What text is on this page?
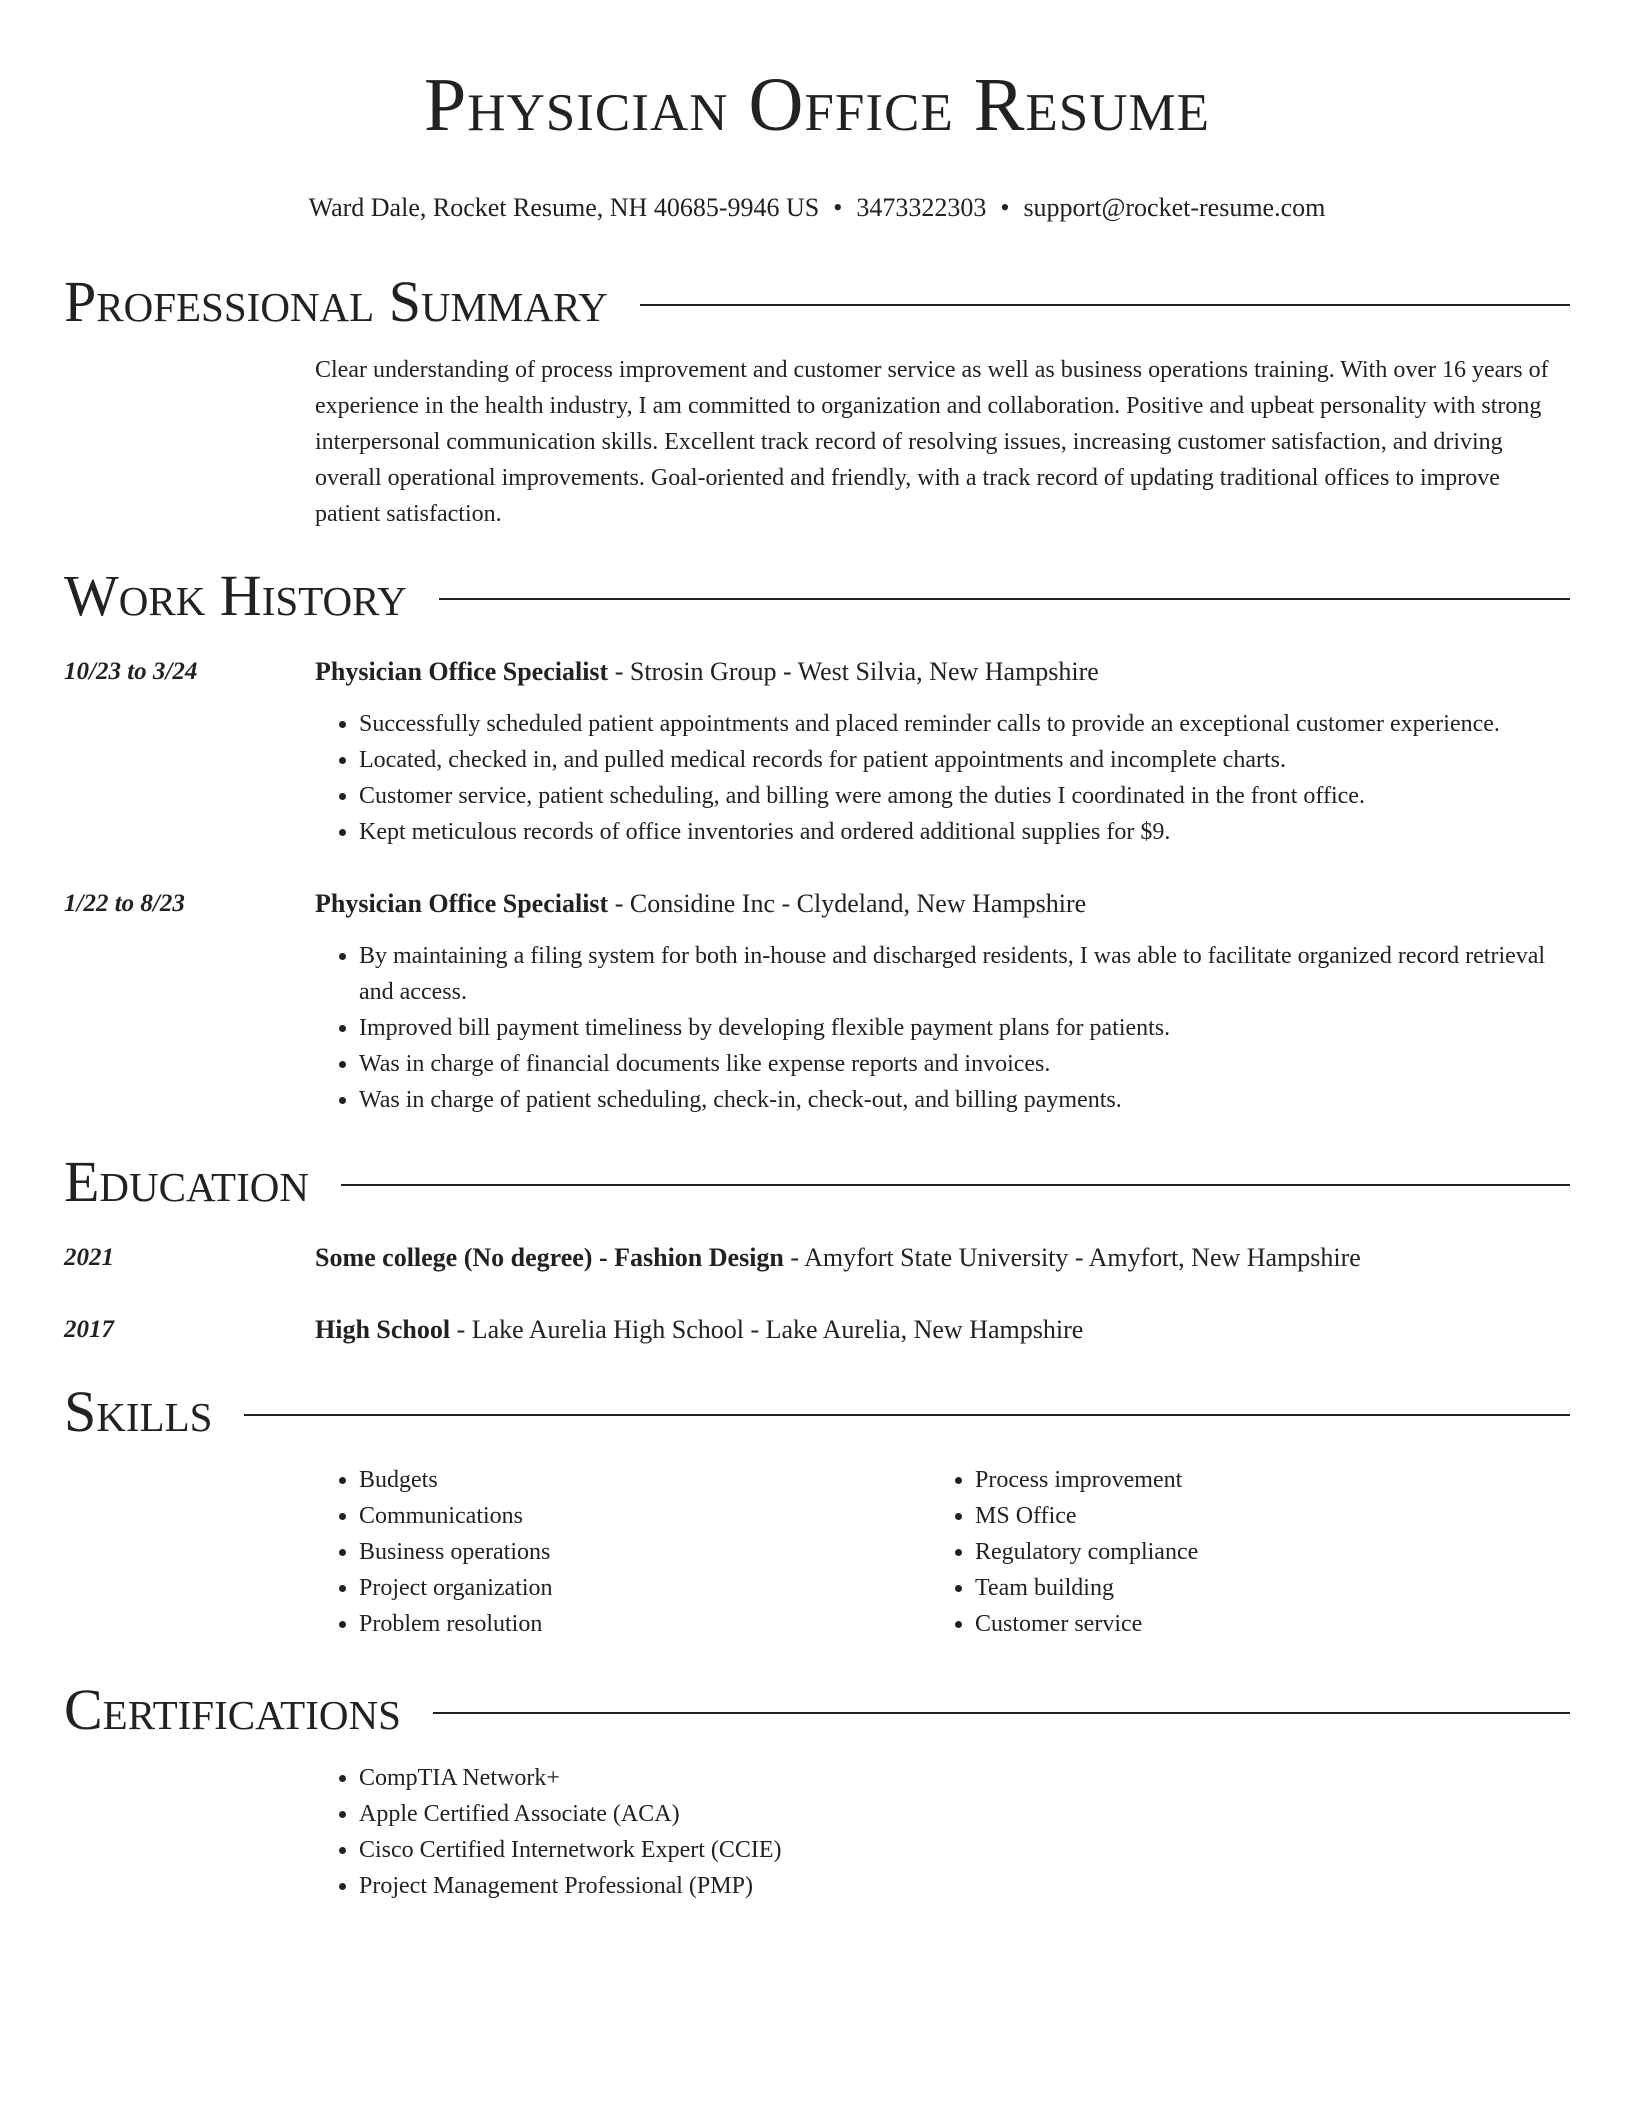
Physician Office Resume
Ward Dale, Rocket Resume, NH 40685-9946 US • 3473322303 • support@rocket-resume.com
Professional Summary
Clear understanding of process improvement and customer service as well as business operations training. With over 16 years of experience in the health industry, I am committed to organization and collaboration. Positive and upbeat personality with strong interpersonal communication skills. Excellent track record of resolving issues, increasing customer satisfaction, and driving overall operational improvements. Goal-oriented and friendly, with a track record of updating traditional offices to improve patient satisfaction.
Work History
10/23 to 3/24	Physician Office Specialist - Strosin Group - West Silvia, New Hampshire
• Successfully scheduled patient appointments and placed reminder calls to provide an exceptional customer experience.
• Located, checked in, and pulled medical records for patient appointments and incomplete charts.
• Customer service, patient scheduling, and billing were among the duties I coordinated in the front office.
• Kept meticulous records of office inventories and ordered additional supplies for $9.
1/22 to 8/23	Physician Office Specialist - Considine Inc - Clydeland, New Hampshire
• By maintaining a filing system for both in-house and discharged residents, I was able to facilitate organized record retrieval and access.
• Improved bill payment timeliness by developing flexible payment plans for patients.
• Was in charge of financial documents like expense reports and invoices.
• Was in charge of patient scheduling, check-in, check-out, and billing payments.
Education
2021	Some college (No degree) - Fashion Design - Amyfort State University - Amyfort, New Hampshire
2017	High School - Lake Aurelia High School - Lake Aurelia, New Hampshire
Skills
• Budgets
• Communications
• Business operations
• Project organization
• Problem resolution
• Process improvement
• MS Office
• Regulatory compliance
• Team building
• Customer service
Certifications
• CompTIA Network+
• Apple Certified Associate (ACA)
• Cisco Certified Internetwork Expert (CCIE)
• Project Management Professional (PMP)
